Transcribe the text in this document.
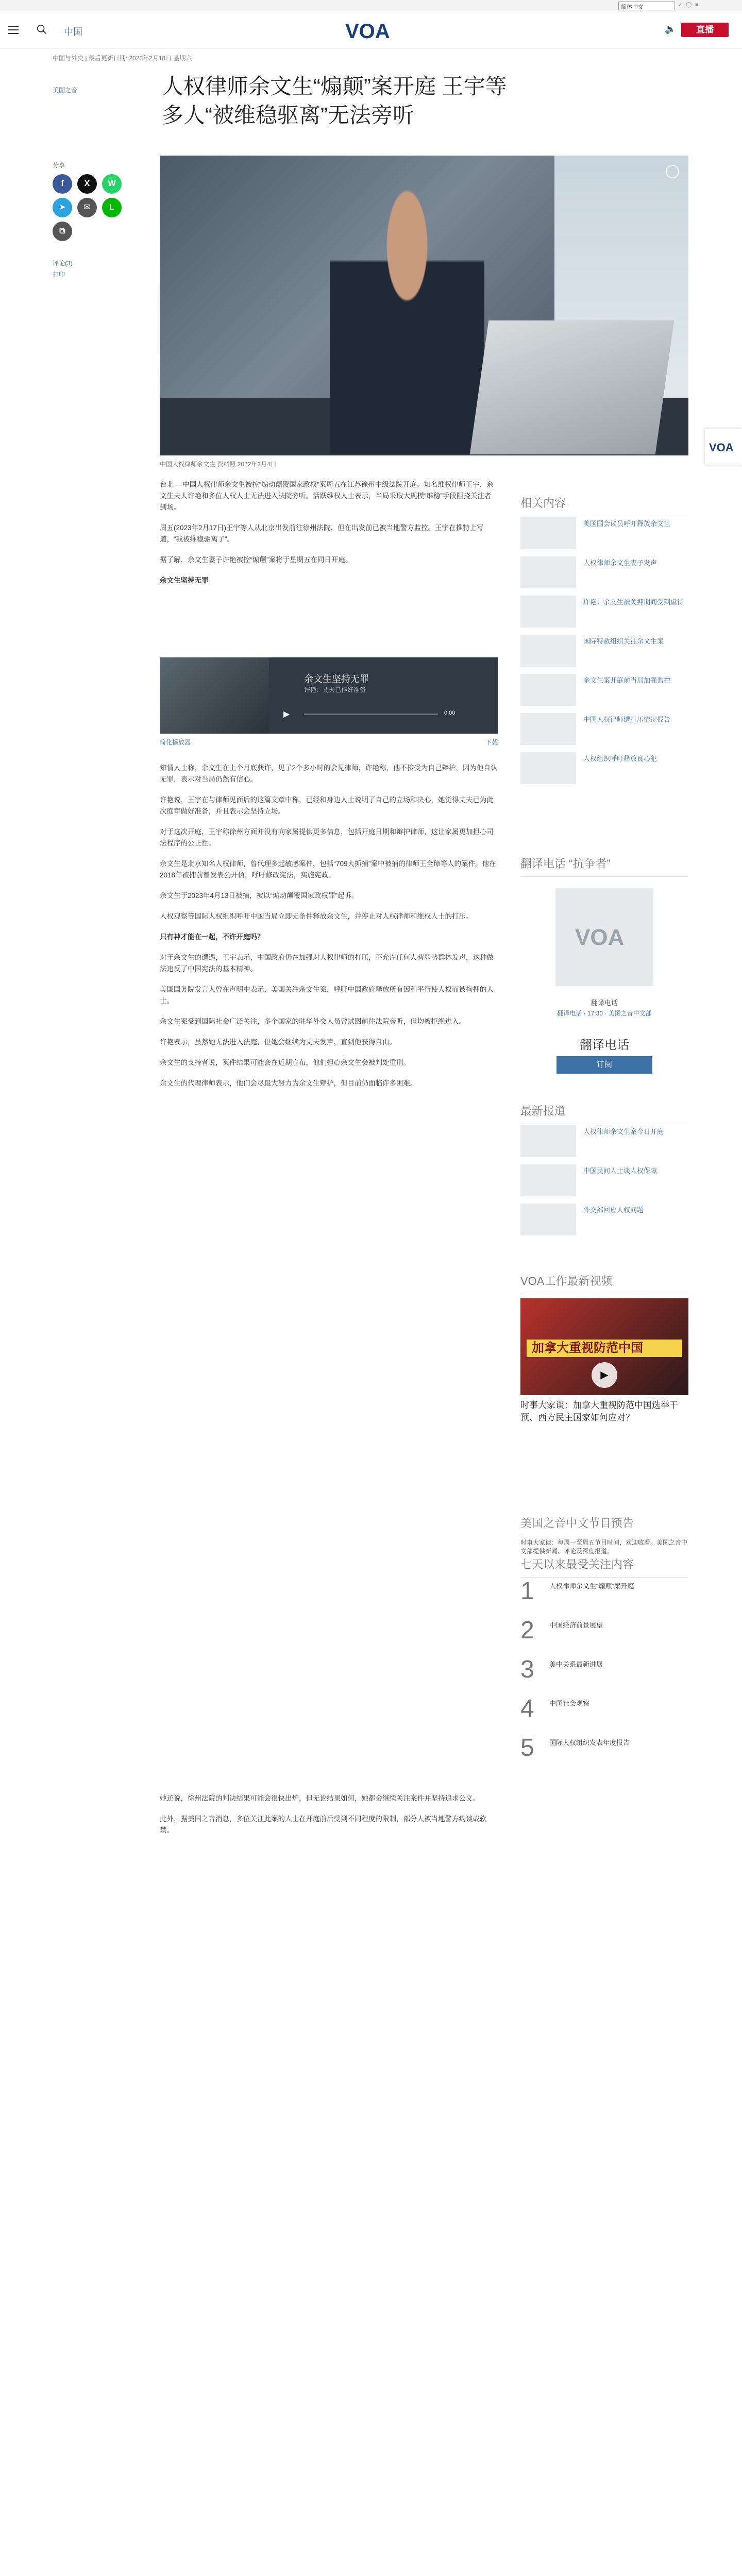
简体中文	✓ ◯ ■
中国	VOA	🔈	直播
中国与外交 | 最后更新日期: 2023年2月18日 星期六
美国之音	人权律师余文生“煽颠”案开庭 王宇等多人“被维稳驱离”无法旁听
分享
f	X	W
➤	✉	L
⧉
评论(3)
打印
中国人权律师余文生 资料照 2022年2月4日

台北 —中国人权律师余文生被控“煽动颠覆国家政权”案周五在江苏徐州中级法院开庭。知名维权律师王宇、余文生夫人许艳和多位人权人士无法进入法院旁听。活跃维权人士表示，当局采取大规模“维稳”手段阻挠关注者到场。

周五(2023年2月17日)王宇等人从北京出发前往徐州法院，但在出发前已被当地警方监控。王宇在推特上写道，“我被维稳驱离了”。

据了解，余文生妻子许艳被控“煽颠”案将于星期五在同日开庭。

余文生坚持无罪

余文生坚持无罪
许艳：丈夫已作好准备
▶	0:00
简化播放器	下载

知情人士称，余文生在上个月底获许，见了2个多小时的会见律师，许艳称，他不接受为自己辩护，因为他自认无罪，表示对当局仍然有信心。

许艳说，王宇在与律师见面后的这篇文章中称，已经和身边人士说明了自己的立场和决心，她觉得丈夫已为此次庭审做好准备，并且表示会坚持立场。

对于这次开庭，王宇称徐州方面并没有向家属提供更多信息，包括开庭日期和辩护律师，这让家属更加担心司法程序的公正性。

余文生是北京知名人权律师，曾代理多起敏感案件，包括“709大抓捕”案中被捕的律师王全璋等人的案件。他在2018年被捕前曾发表公开信，呼吁修改宪法，实施宪政。

余文生于2023年4月13日被捕，被以“煽动颠覆国家政权罪”起诉。

人权观察等国际人权组织呼吁中国当局立即无条件释放余文生，并停止对人权律师和维权人士的打压。

只有神才能在一起，不许开庭吗？

对于余文生的遭遇，王宇表示，中国政府仍在加强对人权律师的打压，不允许任何人替弱势群体发声，这种做法违反了中国宪法的基本精神。

美国国务院发言人曾在声明中表示，美国关注余文生案，呼吁中国政府释放所有因和平行使人权而被拘押的人士。

余文生案受到国际社会广泛关注，多个国家的驻华外交人员曾试图前往法院旁听，但均被拒绝进入。

许艳表示，虽然她无法进入法庭，但她会继续为丈夫发声，直到他获得自由。

余文生的支持者说，案件结果可能会在近期宣布，他们担心余文生会被判处重刑。

余文生的代理律师表示，他们会尽最大努力为余文生辩护，但目前仍面临许多困难。

她还说，徐州法院的判决结果可能会很快出炉，但无论结果如何，她都会继续关注案件并坚持追求公义。

此外，据美国之音消息，多位关注此案的人士在开庭前后受到不同程度的限制，部分人被当地警方约谈或软禁。

VOA
相关内容
美国国会议员呼吁释放余文生
人权律师余文生妻子发声
许艳：余文生被关押期间受到虐待
国际特赦组织关注余文生案
余文生案开庭前当局加强监控
中国人权律师遭打压情况报告
人权组织呼吁释放良心犯
翻译电话 “抗争者”
VOA
翻译电话
翻译电话 · 17:30 · 美国之音中文部
翻译电话
订阅
最新报道
人权律师余文生案今日开庭
中国民间人士谈人权保障
外交部回应人权问题
VOA工作最新视频
加拿大重视防范中国
▶
时事大家谈：加拿大重视防范中国选举干预、西方民主国家如何应对？
美国之音中文节目预告
时事大家谈：每周一至周五节目时间，欢迎收看。美国之音中文部提供新闻、评论及深度报道。
七天以来最受关注内容
1 人权律师余文生“煽颠”案开庭
2 中国经济前景展望
3 美中关系最新进展
4 中国社会观察
5 国际人权组织发表年度报告
